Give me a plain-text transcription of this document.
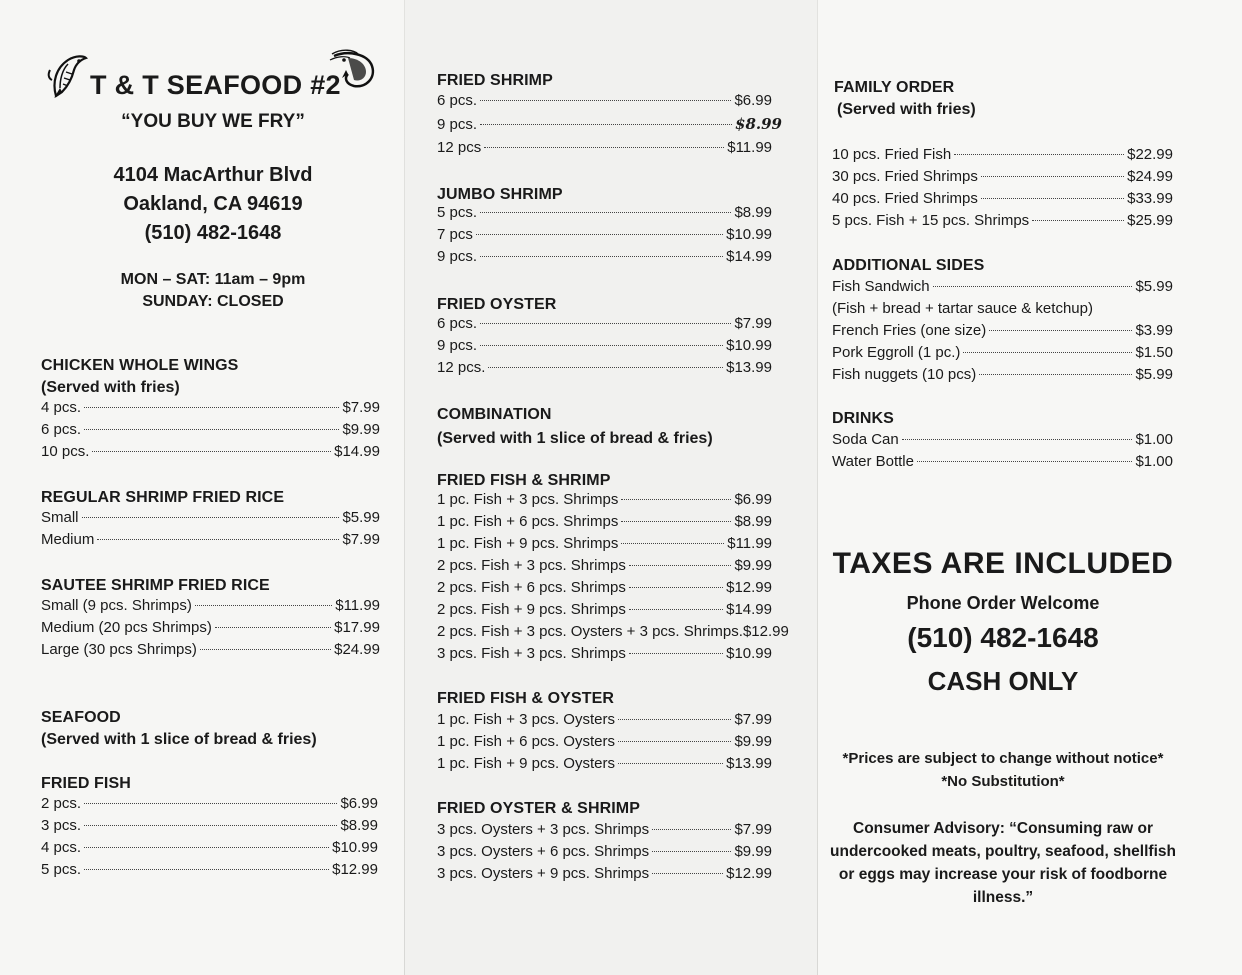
T & T SEAFOOD #2
“YOU BUY WE FRY”
4104 MacArthur Blvd
Oakland, CA 94619
(510) 482-1648
MON – SAT: 11am – 9pm
SUNDAY: CLOSED
CHICKEN WHOLE WINGS
(Served with fries)
4 pcs.	$7.99
6 pcs.	$9.99
10 pcs.	$14.99
REGULAR SHRIMP FRIED RICE
Small	$5.99
Medium	$7.99
SAUTEE SHRIMP FRIED RICE
Small (9 pcs. Shrimps)	$11.99
Medium (20 pcs Shrimps)	$17.99
Large (30 pcs Shrimps)	$24.99
SEAFOOD
(Served with 1 slice of bread & fries)
FRIED FISH
2 pcs.	$6.99
3 pcs.	$8.99
4 pcs.	$10.99
5 pcs.	$12.99
FRIED SHRIMP
6 pcs.	$6.99
9 pcs.	$8.99
12 pcs	$11.99
JUMBO SHRIMP
5 pcs.	$8.99
7 pcs	$10.99
9 pcs.	$14.99
FRIED OYSTER
6 pcs.	$7.99
9 pcs.	$10.99
12 pcs.	$13.99
COMBINATION
(Served with 1 slice of bread & fries)
FRIED FISH & SHRIMP
1 pc. Fish + 3 pcs. Shrimps	$6.99
1 pc. Fish + 6 pcs. Shrimps	$8.99
1 pc. Fish + 9 pcs. Shrimps	$11.99
2 pcs. Fish + 3 pcs. Shrimps	$9.99
2 pcs. Fish + 6 pcs. Shrimps	$12.99
2 pcs. Fish + 9 pcs. Shrimps	$14.99
2 pcs. Fish + 3 pcs. Oysters + 3 pcs. Shrimps. $12.99
3 pcs. Fish + 3 pcs. Shrimps	$10.99
FRIED FISH & OYSTER
1 pc. Fish + 3 pcs. Oysters	$7.99
1 pc. Fish + 6 pcs. Oysters	$9.99
1 pc. Fish + 9 pcs. Oysters	$13.99
FRIED OYSTER & SHRIMP
3 pcs. Oysters + 3 pcs. Shrimps	$7.99
3 pcs. Oysters + 6 pcs. Shrimps	$9.99
3 pcs. Oysters + 9 pcs. Shrimps	$12.99
FAMILY ORDER
(Served with fries)
10 pcs. Fried Fish	$22.99
30 pcs. Fried Shrimps	$24.99
40 pcs. Fried Shrimps	$33.99
5 pcs. Fish + 15 pcs. Shrimps	$25.99
ADDITIONAL SIDES
Fish Sandwich	$5.99
(Fish + bread + tartar sauce & ketchup)
French Fries (one size)	$3.99
Pork Eggroll (1 pc.)	$1.50
Fish nuggets (10 pcs)	$5.99
DRINKS
Soda Can	$1.00
Water Bottle	$1.00
TAXES ARE INCLUDED
Phone Order Welcome
(510) 482-1648
CASH ONLY
*Prices are subject to change without notice*
*No Substitution*
Consumer Advisory: “Consuming raw or
undercooked meats, poultry, seafood, shellfish
or eggs may increase your risk of foodborne
illness.”
